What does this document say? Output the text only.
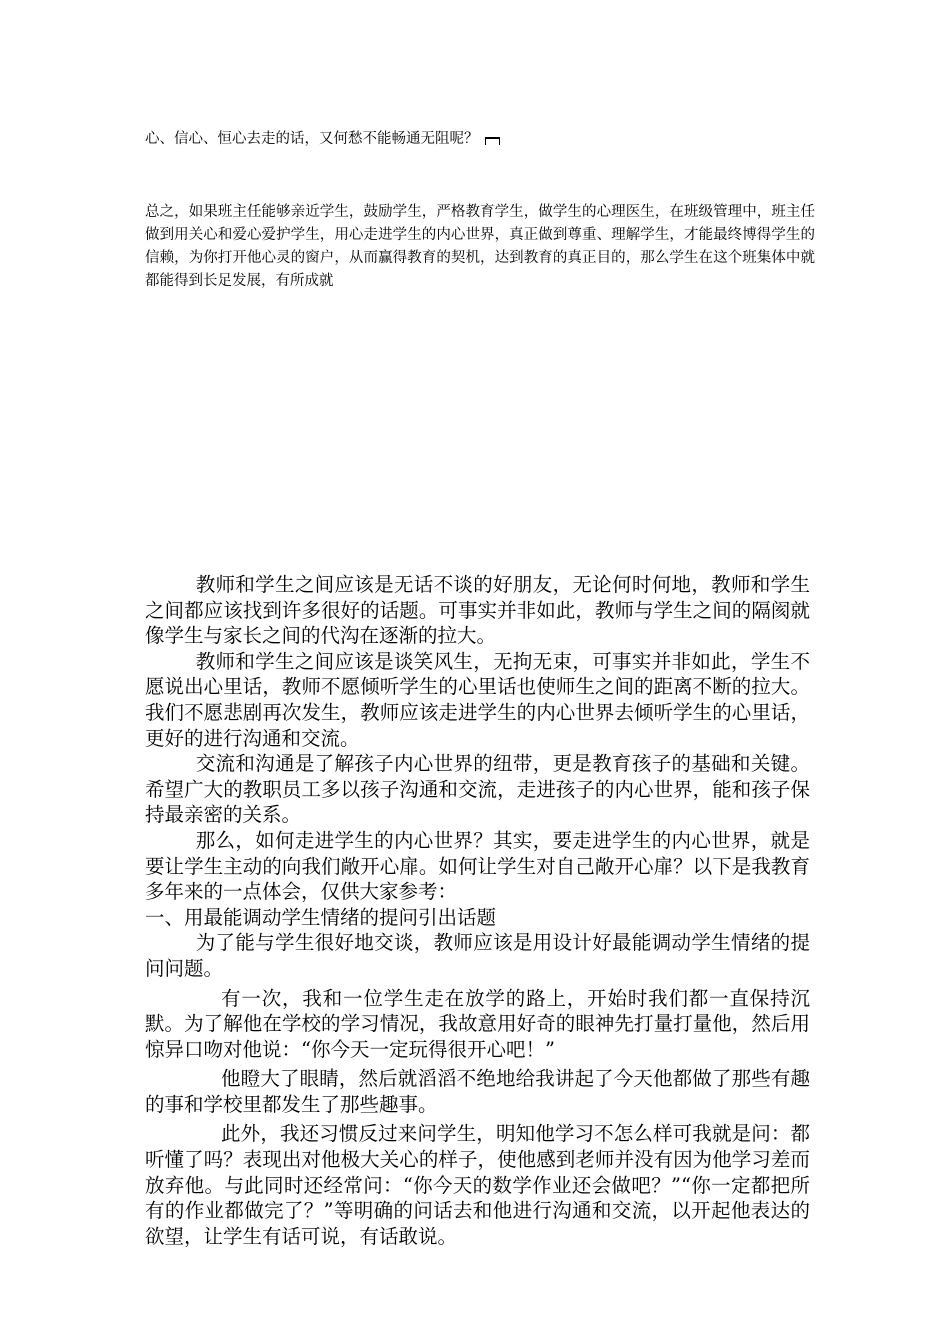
心、信心、恒心去走的话，又何愁不能畅通无阻呢？
总之，如果班主任能够亲近学生，鼓励学生，严格教育学生，做学生的心理医生，在班级管理中，班主任做到用关心和爱心爱护学生，用心走进学生的内心世界，真正做到尊重、理解学生，才能最终博得学生的信赖，为你打开他心灵的窗户，从而赢得教育的契机，达到教育的真正目的，那么学生在这个班集体中就都能得到长足发展，有所成就

教师和学生之间应该是无话不谈的好朋友，无论何时何地，教师和学生之间都应该找到许多很好的话题。可事实并非如此，教师与学生之间的隔阂就像学生与家长之间的代沟在逐渐的拉大。

教师和学生之间应该是谈笑风生，无拘无束，可事实并非如此，学生不愿说出心里话，教师不愿倾听学生的心里话也使师生之间的距离不断的拉大。我们不愿悲剧再次发生，教师应该走进学生的内心世界去倾听学生的心里话，更好的进行沟通和交流。

交流和沟通是了解孩子内心世界的纽带，更是教育孩子的基础和关键。希望广大的教职员工多以孩子沟通和交流，走进孩子的内心世界，能和孩子保持最亲密的关系。

那么，如何走进学生的内心世界？其实，要走进学生的内心世界，就是要让学生主动的向我们敞开心扉。如何让学生对自己敞开心扉？以下是我教育多年来的一点体会，仅供大家参考：

一、用最能调动学生情绪的提问引出话题

为了能与学生很好地交谈，教师应该是用设计好最能调动学生情绪的提问问题。

有一次，我和一位学生走在放学的路上，开始时我们都一直保持沉默。为了解他在学校的学习情况，我故意用好奇的眼神先打量打量他，然后用惊异口吻对他说：“你今天一定玩得很开心吧！”

他瞪大了眼睛，然后就滔滔不绝地给我讲起了今天他都做了那些有趣的事和学校里都发生了那些趣事。

此外，我还习惯反过来问学生，明知他学习不怎么样可我就是问：都听懂了吗？表现出对他极大关心的样子，使他感到老师并没有因为他学习差而放弃他。与此同时还经常问：“你今天的数学作业还会做吧？”“你一定都把所有的作业都做完了？”等明确的问话去和他进行沟通和交流，以开起他表达的欲望，让学生有话可说，有话敢说。
